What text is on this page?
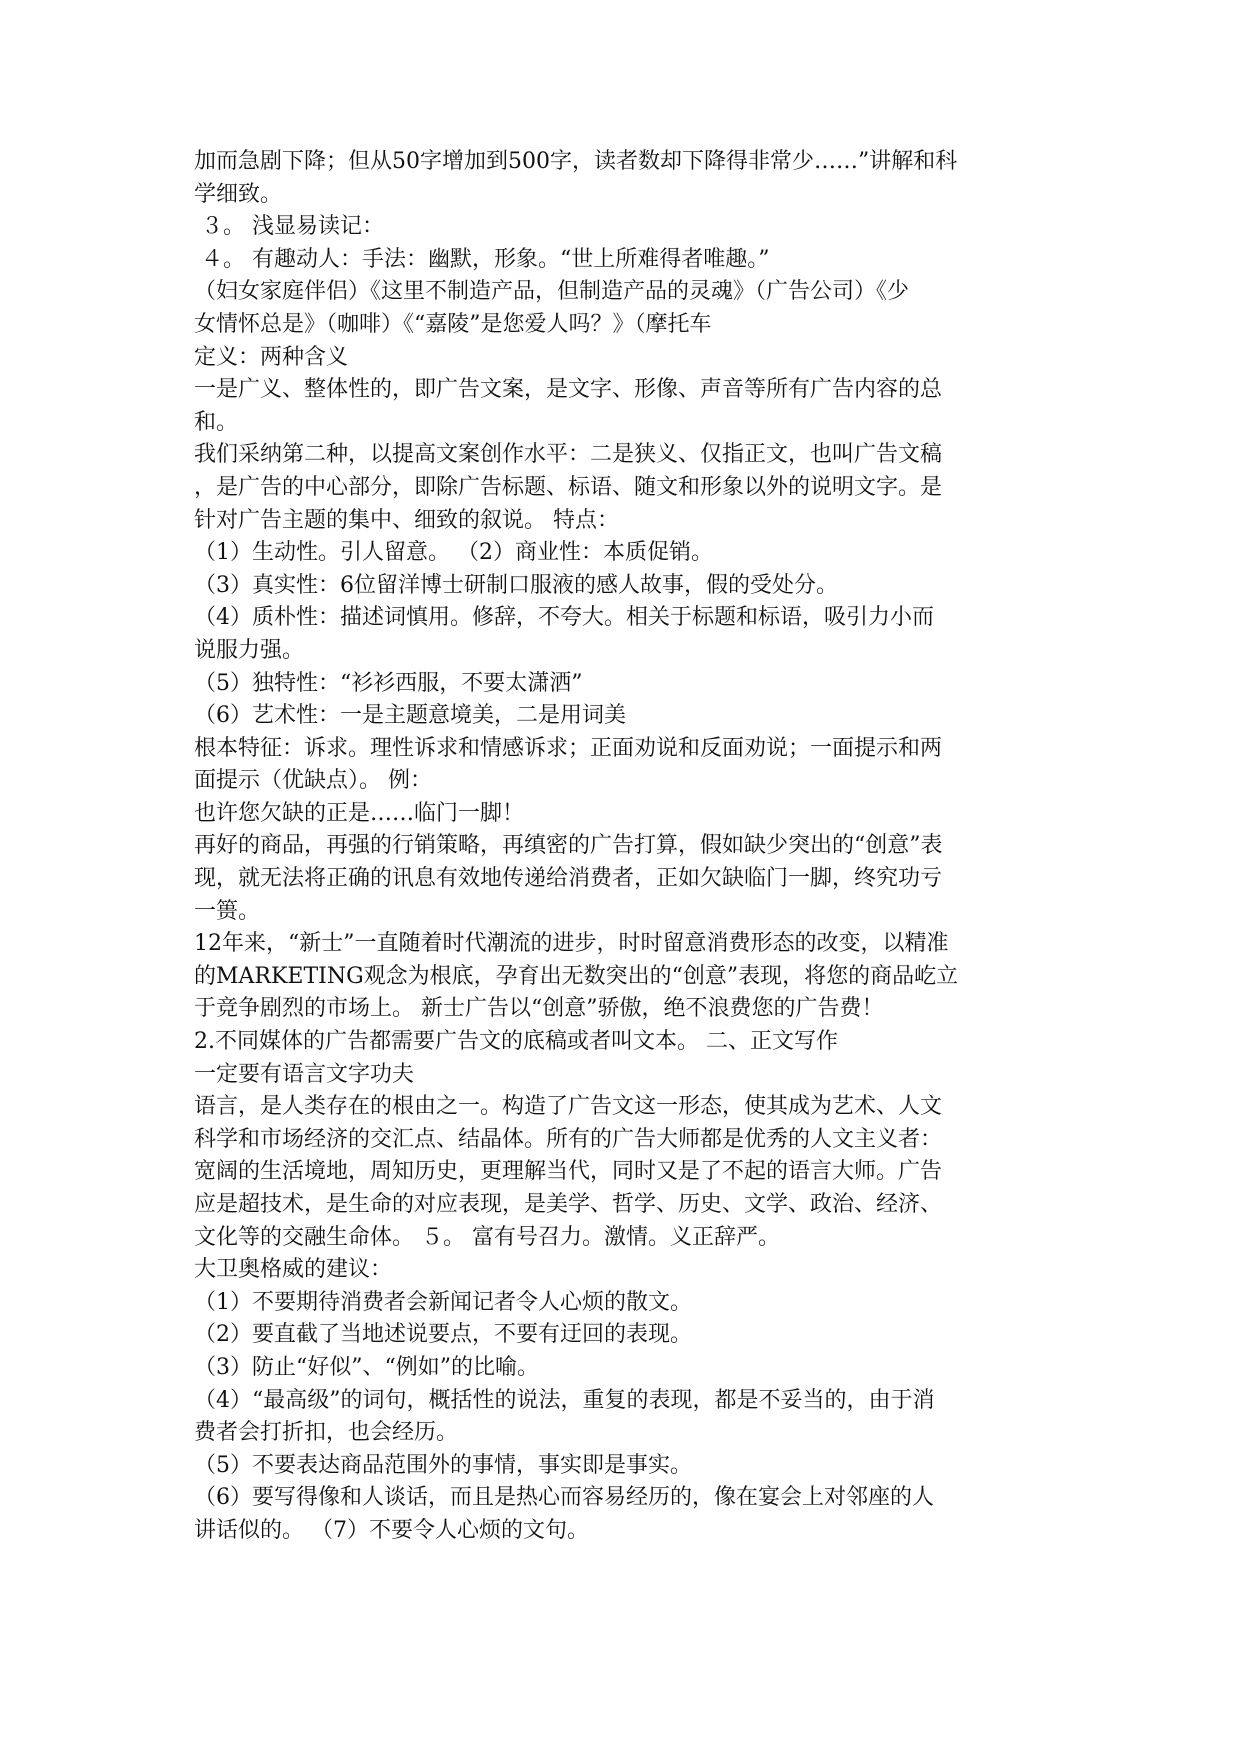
加而急剧下降；但从50字增加到500字，读者数却下降得非常少……”讲解和科
学细致。
３。 浅显易读记：
４。 有趣动人：手法：幽默，形象。“世上所难得者唯趣。”
（妇女家庭伴侣）《这里不制造产品，但制造产品的灵魂》（广告公司）《少
女情怀总是》（咖啡）《“嘉陵”是您爱人吗？》（摩托车
定义：两种含义
一是广义、整体性的，即广告文案，是文字、形像、声音等所有广告内容的总
和。
我们采纳第二种，以提高文案创作水平：二是狭义、仅指正文，也叫广告文稿
，是广告的中心部分，即除广告标题、标语、随文和形象以外的说明文字。是
针对广告主题的集中、细致的叙说。 特点：
（1）生动性。引人留意。 （2）商业性：本质促销。
（3）真实性：6位留洋博士研制口服液的感人故事，假的受处分。
（4）质朴性：描述词慎用。修辞，不夸大。相关于标题和标语，吸引力小而
说服力强。
（5）独特性：“衫衫西服，不要太潇洒”
（6）艺术性：一是主题意境美，二是用词美
根本特征：诉求。理性诉求和情感诉求；正面劝说和反面劝说；一面提示和两
面提示（优缺点）。 例：
也许您欠缺的正是……临门一脚！
再好的商品，再强的行销策略，再缜密的广告打算，假如缺少突出的“创意”表
现，就无法将正确的讯息有效地传递给消费者，正如欠缺临门一脚，终究功亏
一篑。
12年来，“新士”一直随着时代潮流的进步，时时留意消费形态的改变，以精准
的MARKETING观念为根底，孕育出无数突出的“创意”表现，将您的商品屹立
于竞争剧烈的市场上。 新士广告以“创意”骄傲，绝不浪费您的广告费！
2.不同媒体的广告都需要广告文的底稿或者叫文本。 二、正文写作
一定要有语言文字功夫
语言，是人类存在的根由之一。构造了广告文这一形态，使其成为艺术、人文
科学和市场经济的交汇点、结晶体。所有的广告大师都是优秀的人文主义者：
宽阔的生活境地，周知历史，更理解当代，同时又是了不起的语言大师。广告
应是超技术，是生命的对应表现，是美学、哲学、历史、文学、政治、经济、
文化等的交融生命体。 ５。 富有号召力。激情。义正辞严。
大卫奥格威的建议：
（1）不要期待消费者会新闻记者令人心烦的散文。
（2）要直截了当地述说要点，不要有迂回的表现。
（3）防止“好似”、“例如”的比喻。
（4）“最高级”的词句，概括性的说法，重复的表现，都是不妥当的，由于消
费者会打折扣，也会经历。
（5）不要表达商品范围外的事情，事实即是事实。
（6）要写得像和人谈话，而且是热心而容易经历的，像在宴会上对邻座的人
讲话似的。 （7）不要令人心烦的文句。
